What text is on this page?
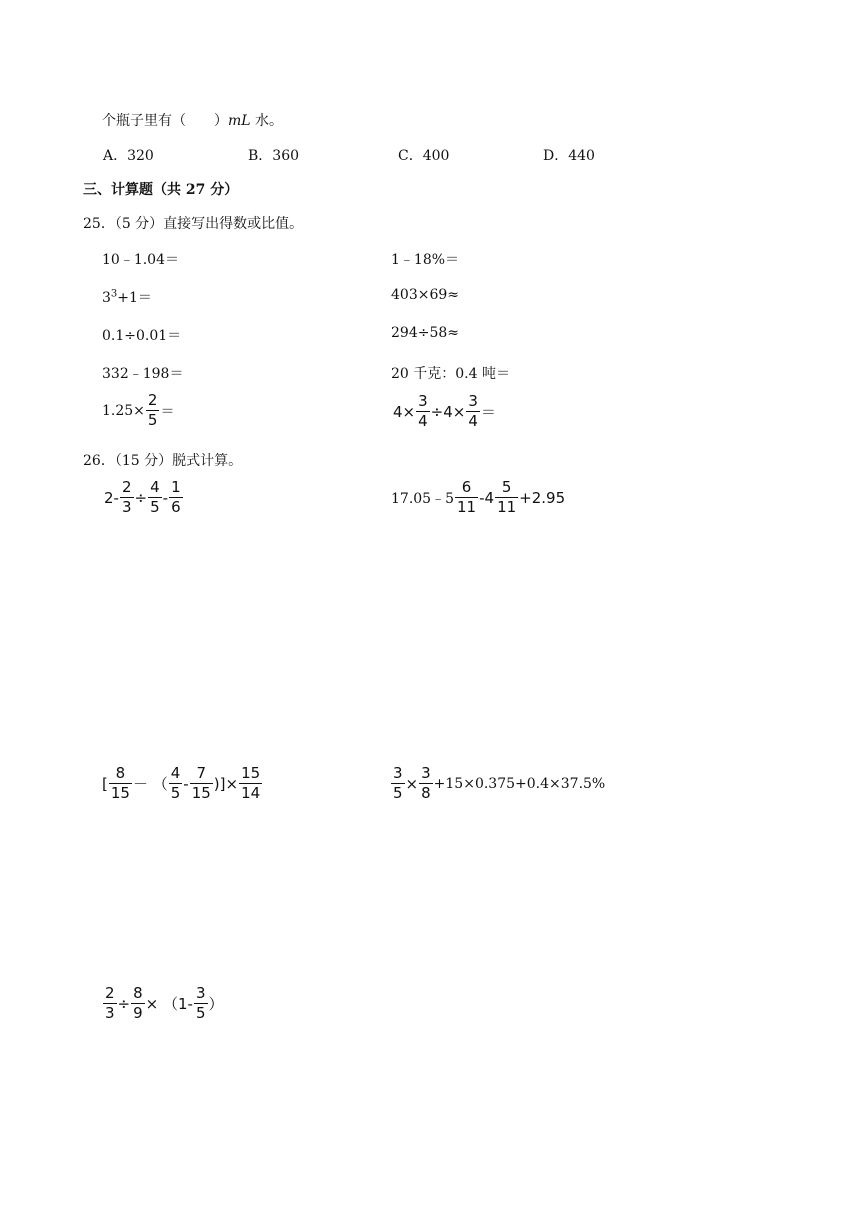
个瓶子里有（　　）mL 水。
A．320	B．360	C．400	D．440
三、计算题（共 27 分）
25．（5 分）直接写出得数或比值。
10﹣1.04＝	1﹣18%＝
$3^3+1=$	403×69≈
0.1÷0.01＝	294÷58≈
332﹣198＝	20 千克：0.4 吨＝
$1.25\times \frac{2}{5}$ ＝	$4\times \frac{3}{4} \div 4\times \frac{3}{4}$ ＝
26．（15 分）脱式计算。
$2- \frac{2}{3} \div \frac{4}{5} - \frac{1}{6}$	17.05﹣5 $\frac{6}{11} -4 \frac{5}{11} +2.95$
[ $\frac{8}{15}$ － （ $\frac{4}{5} - \frac{7}{15}$ )]× $\frac{15}{14}$	$\frac{3}{5} \times \frac{3}{8} +15\times 0.375+0.4\times 37.5\%$
$\frac{2}{3} \div \frac{8}{9} \times (1- \frac{3}{5}$ ）
